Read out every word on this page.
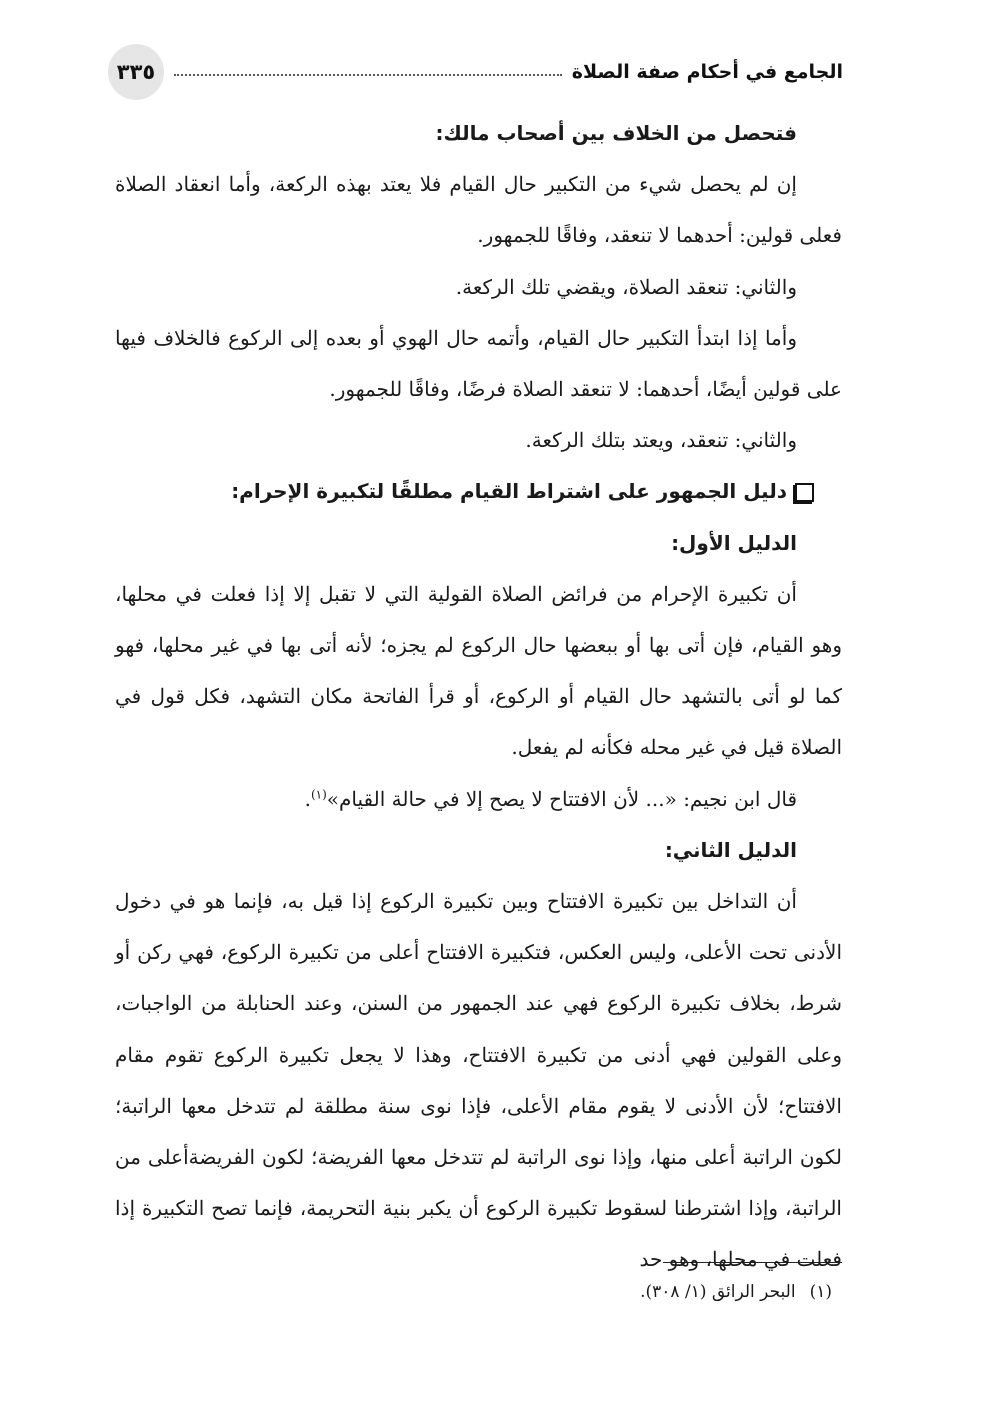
الجامع في أحكام صفة الصلاة
٣٣٥

فتحصل من الخلاف بين أصحاب مالك:

إن لم يحصل شيء من التكبير حال القيام فلا يعتد بهذه الركعة، وأما انعقاد الصلاة فعلى قولين: أحدهما لا تنعقد، وفاقًا للجمهور.

والثاني: تنعقد الصلاة، ويقضي تلك الركعة.

وأما إذا ابتدأ التكبير حال القيام، وأتمه حال الهوي أو بعده إلى الركوع فالخلاف فيها على قولين أيضًا، أحدهما: لا تنعقد الصلاة فرضًا، وفاقًا للجمهور.

والثاني: تنعقد، ويعتد بتلك الركعة.

دليل الجمهور على اشتراط القيام مطلقًا لتكبيرة الإحرام:

الدليل الأول:

أن تكبيرة الإحرام من فرائض الصلاة القولية التي لا تقبل إلا إذا فعلت في محلها، وهو القيام، فإن أتى بها أو ببعضها حال الركوع لم يجزه؛ لأنه أتى بها في غير محلها، فهو كما لو أتى بالتشهد حال القيام أو الركوع، أو قرأ الفاتحة مكان التشهد، فكل قول في الصلاة قيل في غير محله فكأنه لم يفعل.

قال ابن نجيم: «... لأن الافتتاح لا يصح إلا في حالة القيام»$^{(١)}$.

الدليل الثاني:

أن التداخل بين تكبيرة الافتتاح وبين تكبيرة الركوع إذا قيل به، فإنما هو في دخول الأدنى تحت الأعلى، وليس العكس، فتكبيرة الافتتاح أعلى من تكبيرة الركوع، فهي ركن أو شرط، بخلاف تكبيرة الركوع فهي عند الجمهور من السنن، وعند الحنابلة من الواجبات، وعلى القولين فهي أدنى من تكبيرة الافتتاح، وهذا لا يجعل تكبيرة الركوع تقوم مقام الافتتاح؛ لأن الأدنى لا يقوم مقام الأعلى، فإذا نوى سنة مطلقة لم تتدخل معها الراتبة؛ لكون الراتبة أعلى منها، وإذا نوى الراتبة لم تتدخل معها الفريضة؛ لكون الفريضةأعلى من الراتبة، وإذا اشترطنا لسقوط تكبيرة الركوع أن يكبر بنية التحريمة، فإنما تصح التكبيرة إذا فعلت في محلها، وهو حد

(١)البحر الرائق (١/ ٣٠٨).
